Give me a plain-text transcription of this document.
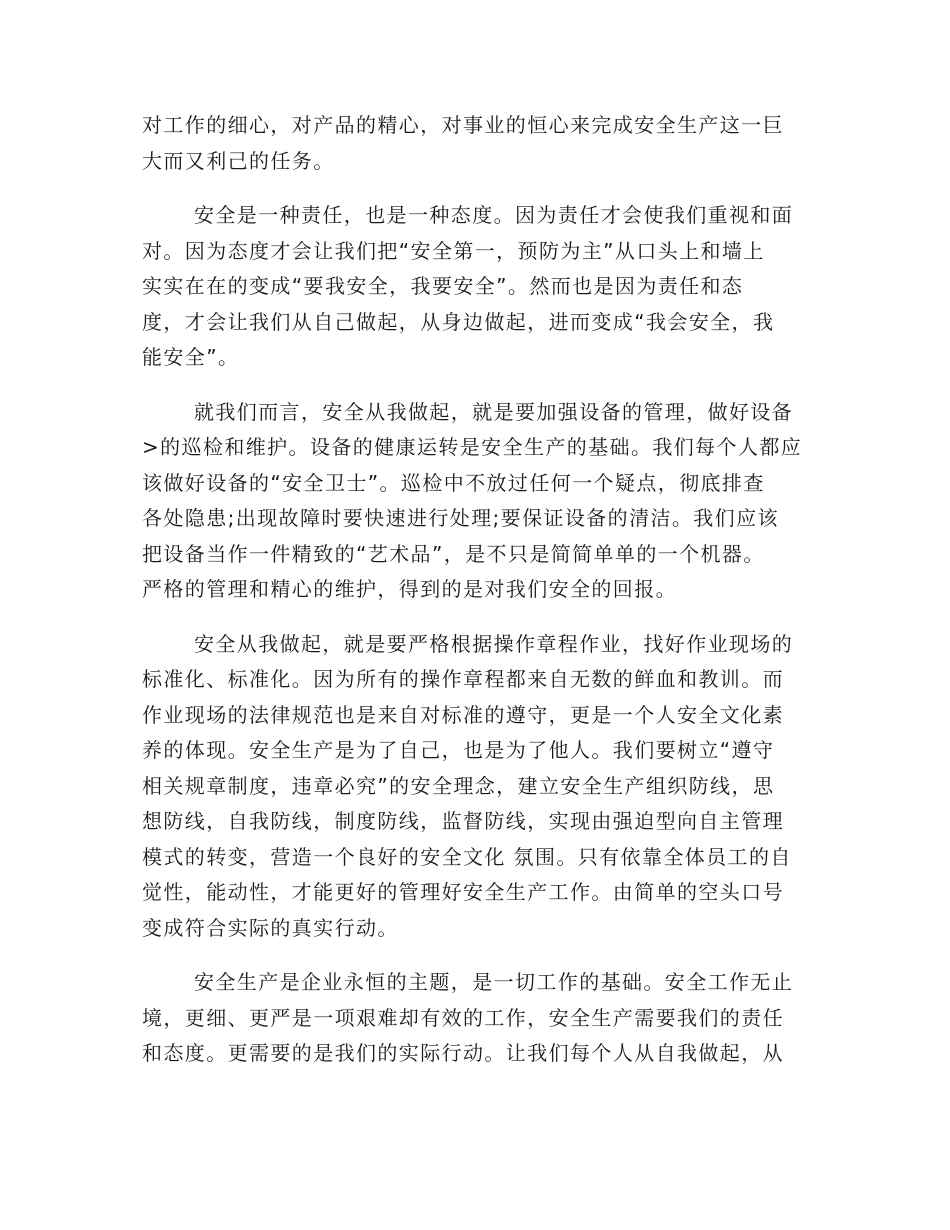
对工作的细心，对产品的精心，对事业的恒心来完成安全生产这一巨
大而又利己的任务。

安全是一种责任，也是一种态度。因为责任才会使我们重视和面
对。因为态度才会让我们把“安全第一，预防为主”从口头上和墙上
实实在在的变成“要我安全，我要安全”。然而也是因为责任和态
度，才会让我们从自己做起，从身边做起，进而变成“我会安全，我
能安全”。

就我们而言，安全从我做起，就是要加强设备的管理，做好设备
>的巡检和维护。设备的健康运转是安全生产的基础。我们每个人都应
该做好设备的“安全卫士”。巡检中不放过任何一个疑点，彻底排查
各处隐患;出现故障时要快速进行处理;要保证设备的清洁。我们应该
把设备当作一件精致的“艺术品”，是不只是简简单单的一个机器。
严格的管理和精心的维护，得到的是对我们安全的回报。

安全从我做起，就是要严格根据操作章程作业，找好作业现场的
标准化、标准化。因为所有的操作章程都来自无数的鲜血和教训。而
作业现场的法律规范也是来自对标准的遵守，更是一个人安全文化素
养的体现。安全生产是为了自己，也是为了他人。我们要树立“遵守
相关规章制度，违章必究”的安全理念，建立安全生产组织防线，思
想防线，自我防线，制度防线，监督防线，实现由强迫型向自主管理
模式的转变，营造一个良好的安全文化 氛围。只有依靠全体员工的自
觉性，能动性，才能更好的管理好安全生产工作。由简单的空头口号
变成符合实际的真实行动。

安全生产是企业永恒的主题，是一切工作的基础。安全工作无止
境，更细、更严是一项艰难却有效的工作，安全生产需要我们的责任
和态度。更需要的是我们的实际行动。让我们每个人从自我做起，从
